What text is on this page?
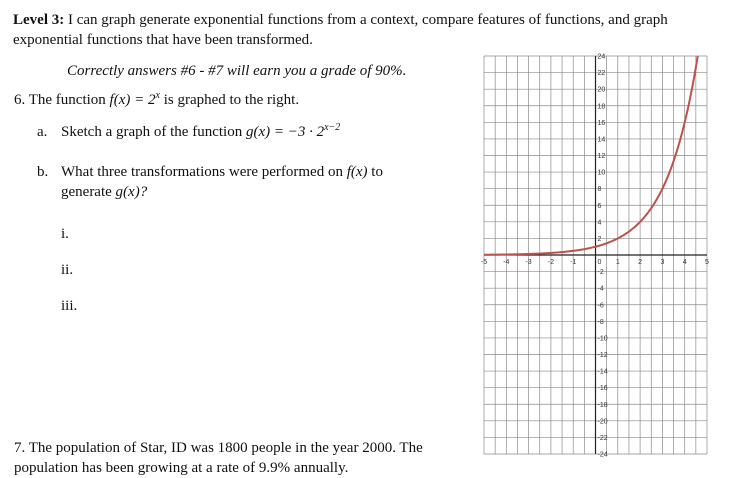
Level 3: I can graph generate exponential functions from a context, compare features of functions, and graph
exponential functions that have been transformed.
Correctly answers #6 - #7 will earn you a grade of 90%.
6. The function $f(x) = 2^x$ is graphed to the right.
a. Sketch a graph of the function $g(x) = -3 \cdot 2^{x-2}$
b. What three transformations were performed on f(x) to
generate g(x)?
i.
ii.
iii.
7. The population of Star, ID was 1800 people in the year 2000. The
population has been growing at a rate of 9.9% annually.
-5 -4 -3 -2 -1	0 1	2	3	4	5
-24
-22
-20
-18
-16
-14
-12
-10
-8
-6
-4
-2
2
4
6
8
10
12
14
16
18
20
22
24
